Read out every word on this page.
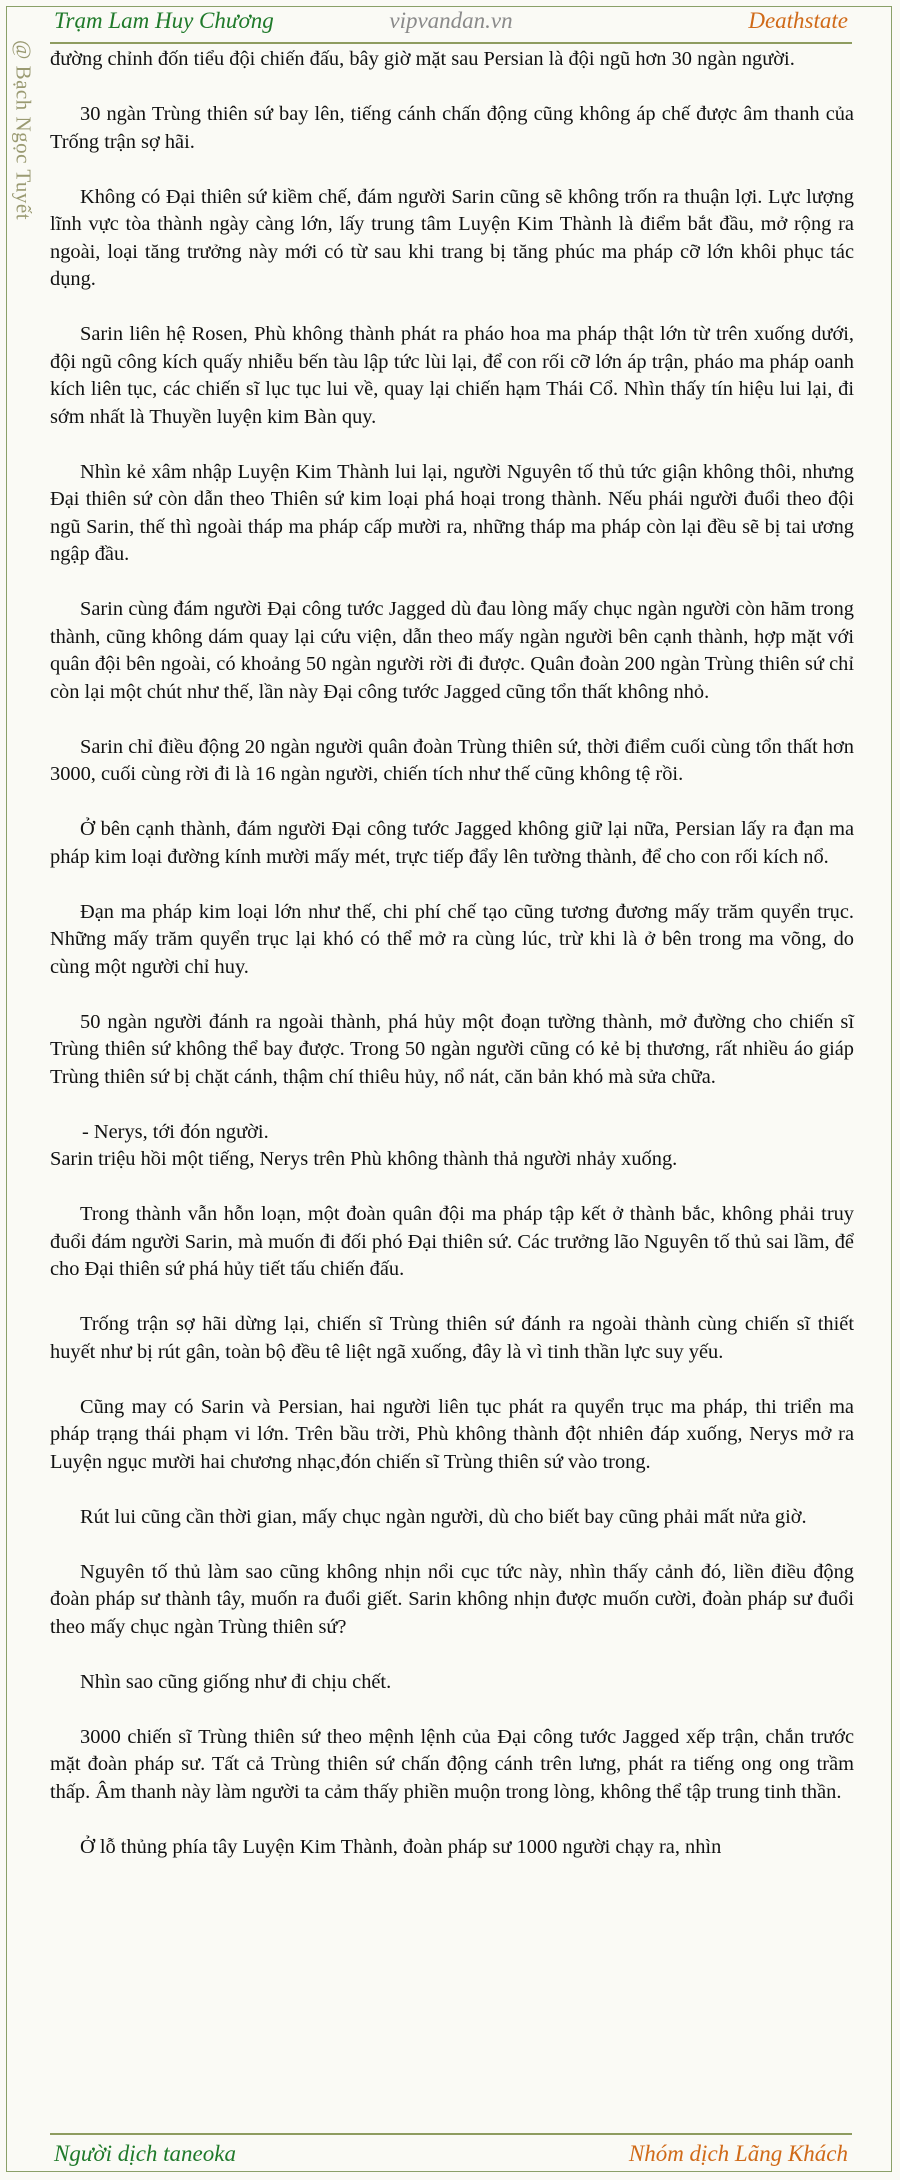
Trạm Lam Huy Chương	vipvandan.vn	Deathstate
@ Bạch Ngọc Tuyết đường chỉnh đốn tiểu đội chiến đấu, bây giờ mặt sau Persian là đội ngũ hơn 30 ngàn người.

30 ngàn Trùng thiên sứ bay lên, tiếng cánh chấn động cũng không áp chế được âm thanh của Trống trận sợ hãi.

Không có Đại thiên sứ kiềm chế, đám người Sarin cũng sẽ không trốn ra thuận lợi. Lực lượng lĩnh vực tòa thành ngày càng lớn, lấy trung tâm Luyện Kim Thành là điểm bắt đầu, mở rộng ra ngoài, loại tăng trưởng này mới có từ sau khi trang bị tăng phúc ma pháp cỡ lớn khôi phục tác dụng.

Sarin liên hệ Rosen, Phù không thành phát ra pháo hoa ma pháp thật lớn từ trên xuống dưới, đội ngũ công kích quấy nhiễu bến tàu lập tức lùi lại, để con rối cỡ lớn áp trận, pháo ma pháp oanh kích liên tục, các chiến sĩ lục tục lui về, quay lại chiến hạm Thái Cổ. Nhìn thấy tín hiệu lui lại, đi sớm nhất là Thuyền luyện kim Bàn quy.

Nhìn kẻ xâm nhập Luyện Kim Thành lui lại, người Nguyên tố thủ tức giận không thôi, nhưng Đại thiên sứ còn dẫn theo Thiên sứ kim loại phá hoại trong thành. Nếu phái người đuổi theo đội ngũ Sarin, thế thì ngoài tháp ma pháp cấp mười ra, những tháp ma pháp còn lại đều sẽ bị tai ương ngập đầu.

Sarin cùng đám người Đại công tước Jagged dù đau lòng mấy chục ngàn người còn hãm trong thành, cũng không dám quay lại cứu viện, dẫn theo mấy ngàn người bên cạnh thành, hợp mặt với quân đội bên ngoài, có khoảng 50 ngàn người rời đi được. Quân đoàn 200 ngàn Trùng thiên sứ chỉ còn lại một chút như thế, lần này Đại công tước Jagged cũng tổn thất không nhỏ.

Sarin chỉ điều động 20 ngàn người quân đoàn Trùng thiên sứ, thời điểm cuối cùng tổn thất hơn 3000, cuối cùng rời đi là 16 ngàn người, chiến tích như thế cũng không tệ rồi.

Ở bên cạnh thành, đám người Đại công tước Jagged không giữ lại nữa, Persian lấy ra đạn ma pháp kim loại đường kính mười mấy mét, trực tiếp đẩy lên tường thành, để cho con rối kích nổ.

Đạn ma pháp kim loại lớn như thế, chi phí chế tạo cũng tương đương mấy trăm quyển trục. Những mấy trăm quyển trục lại khó có thể mở ra cùng lúc, trừ khi là ở bên trong ma võng, do cùng một người chỉ huy.

50 ngàn người đánh ra ngoài thành, phá hủy một đoạn tường thành, mở đường cho chiến sĩ Trùng thiên sứ không thể bay được. Trong 50 ngàn người cũng có kẻ bị thương, rất nhiều áo giáp Trùng thiên sứ bị chặt cánh, thậm chí thiêu hủy, nổ nát, căn bản khó mà sửa chữa.

- Nerys, tới đón người.

Sarin triệu hồi một tiếng, Nerys trên Phù không thành thả người nhảy xuống.

Trong thành vẫn hỗn loạn, một đoàn quân đội ma pháp tập kết ở thành bắc, không phải truy đuổi đám người Sarin, mà muốn đi đối phó Đại thiên sứ. Các trưởng lão Nguyên tố thủ sai lầm, để cho Đại thiên sứ phá hủy tiết tấu chiến đấu.

Trống trận sợ hãi dừng lại, chiến sĩ Trùng thiên sứ đánh ra ngoài thành cùng chiến sĩ thiết huyết như bị rút gân, toàn bộ đều tê liệt ngã xuống, đây là vì tinh thần lực suy yếu.

Cũng may có Sarin và Persian, hai người liên tục phát ra quyển trục ma pháp, thi triển ma pháp trạng thái phạm vi lớn. Trên bầu trời, Phù không thành đột nhiên đáp xuống, Nerys mở ra Luyện ngục mười hai chương nhạc,đón chiến sĩ Trùng thiên sứ vào trong.

Rút lui cũng cần thời gian, mấy chục ngàn người, dù cho biết bay cũng phải mất nửa giờ.

Nguyên tố thủ làm sao cũng không nhịn nổi cục tức này, nhìn thấy cảnh đó, liền điều động đoàn pháp sư thành tây, muốn ra đuổi giết. Sarin không nhịn được muốn cười, đoàn pháp sư đuổi theo mấy chục ngàn Trùng thiên sứ?

Nhìn sao cũng giống như đi chịu chết.

3000 chiến sĩ Trùng thiên sứ theo mệnh lệnh của Đại công tước Jagged xếp trận, chắn trước mặt đoàn pháp sư. Tất cả Trùng thiên sứ chấn động cánh trên lưng, phát ra tiếng ong ong trầm thấp. Âm thanh này làm người ta cảm thấy phiền muộn trong lòng, không thể tập trung tinh thần.

Ở lỗ thủng phía tây Luyện Kim Thành, đoàn pháp sư 1000 người chạy ra, nhìn

Người dịch taneoka	Nhóm dịch Lãng Khách
